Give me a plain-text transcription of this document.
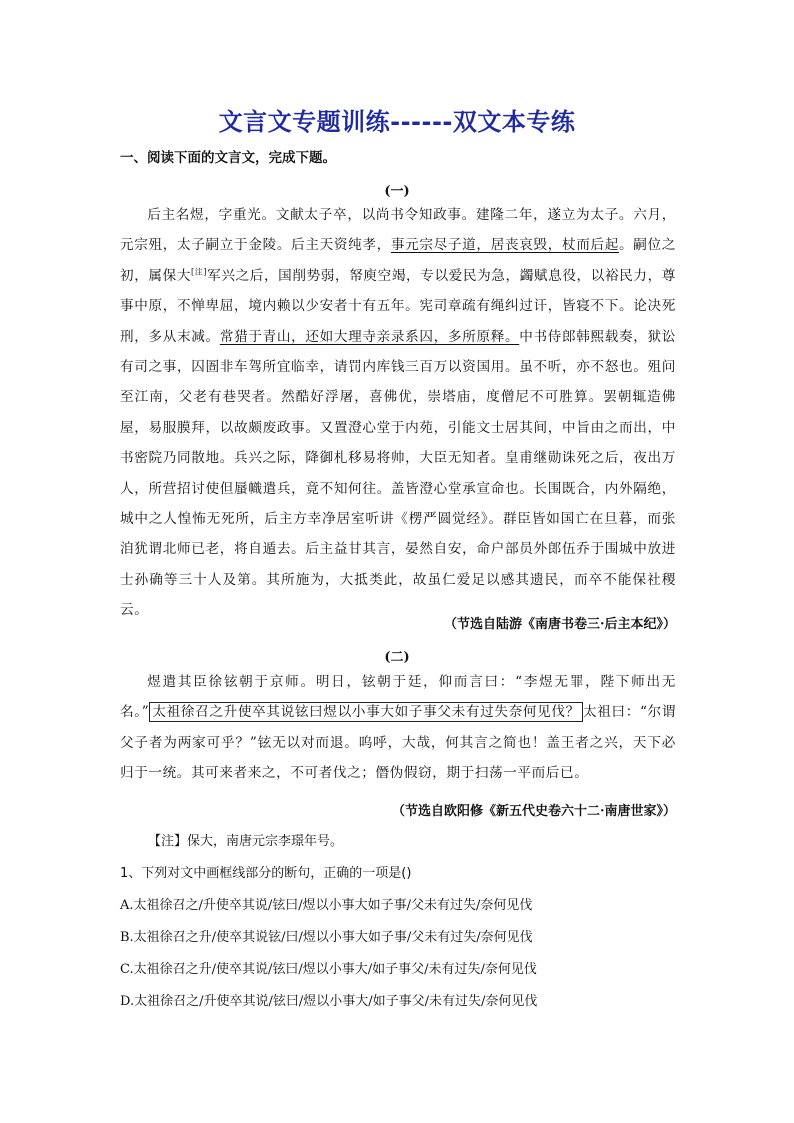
文言文专题训练------双文本专练
一、阅读下面的文言文，完成下题。
(一)

后主名煜，字重光。文献太子卒，以尚书令知政事。建隆二年，遂立为太子。六月，元宗殂，太子嗣立于金陵。后主天资纯孝，事元宗尽子道，居丧哀毁，杖而后起。嗣位之初，属保大[注]军兴之后，国削势弱，帑庾空竭，专以爱民为急，蠲赋息役，以裕民力，尊事中原，不惮卑屈，境内赖以少安者十有五年。宪司章疏有绳纠过讦，皆寝不下。论决死刑，多从末减。常猎于青山，还如大理寺亲录系囚，多所原释。中书侍郎韩熙载奏，狱讼有司之事，囚圄非车驾所宜临幸，请罚内库钱三百万以资国用。虽不听，亦不怒也。殂问至江南，父老有巷哭者。然酷好浮屠，喜佛优，崇塔庙，度僧尼不可胜算。罢朝辄造佛屋，易服膜拜，以故颇废政事。又置澄心堂于内苑，引能文士居其间，中旨由之而出，中书密院乃同散地。兵兴之际，降御札移易将帅，大臣无知者。皇甫继勋诛死之后，夜出万人，所营招讨使但蜃幟遣兵，竟不知何往。盖皆澄心堂承宣命也。长围既合，内外隔绝，城中之人惶怖无死所，后主方幸净居室听讲《楞严圆觉经》。群臣皆如国亡在旦暮，而张洎犹谓北师已老，将自遁去。后主益甘其言，晏然自安，命户部员外郎伍乔于围城中放进士孙确等三十人及第。其所施为，大抵类此，故虽仁爱足以感其遗民，而卒不能保社稷云。

（节选自陆游《南唐书卷三·后主本纪》）
(二)

煜遣其臣徐铉朝于京师。明日，铉朝于廷，仰而言曰：“李煜无罪，陛下师出无名。” 太祖徐召之升使卒其说铉曰煜以小事大如子事父未有过失奈何见伐？ 太祖曰：“尔谓父子者为两家可乎？”铉无以对而退。呜呼，大哉，何其言之简也！盖王者之兴，天下必归于一统。其可来者来之，不可者伐之；僭伪假窃，期于扫荡一平而后已。

（节选自欧阳修《新五代史卷六十二·南唐世家》）
【注】保大，南唐元宗李璟年号。
1、下列对文中画框线部分的断句，正确的一项是()
A.太祖徐召之/升使卒其说/铉曰/煜以小事大如子事/父未有过失/奈何见伐
B.太祖徐召之升/使卒其说铉/曰/煜以小事大如子事/父未有过失/奈何见伐
C.太祖徐召之升/使卒其说/铉曰/煜以小事大/如子事父/未有过失/奈何见伐
D.太祖徐召之/升使卒其说/铉曰/煜以小事大/如子事父/未有过失/奈何见伐
